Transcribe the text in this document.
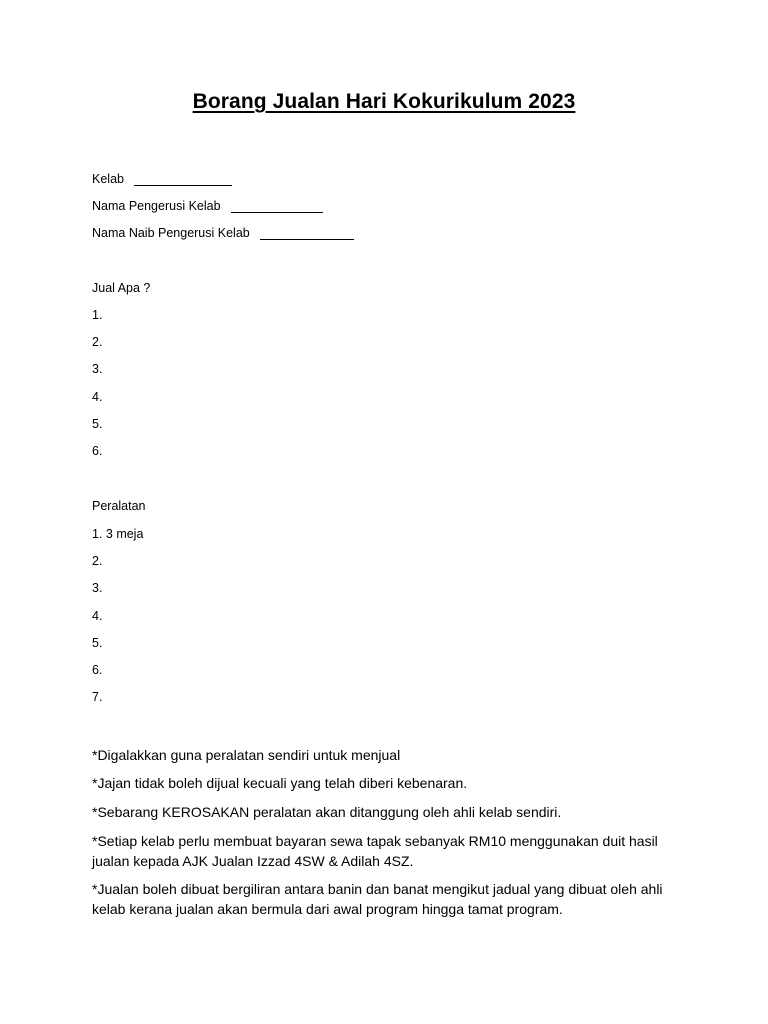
Borang Jualan Hari Kokurikulum 2023
Kelab
Nama Pengerusi Kelab
Nama Naib Pengerusi Kelab
Jual Apa ?
1.
2.
3.
4.
5.
6.
Peralatan
1. 3 meja
2.
3.
4.
5.
6.
7.
*Digalakkan guna peralatan sendiri untuk menjual
*Jajan tidak boleh dijual kecuali yang telah diberi kebenaran.
*Sebarang KEROSAKAN peralatan akan ditanggung oleh ahli kelab sendiri.
*Setiap kelab perlu membuat bayaran sewa tapak sebanyak RM10 menggunakan duit hasil jualan kepada AJK Jualan Izzad 4SW & Adilah 4SZ.
*Jualan boleh dibuat bergiliran antara banin dan banat mengikut jadual yang dibuat oleh ahli kelab kerana jualan akan bermula dari awal program hingga tamat program.
